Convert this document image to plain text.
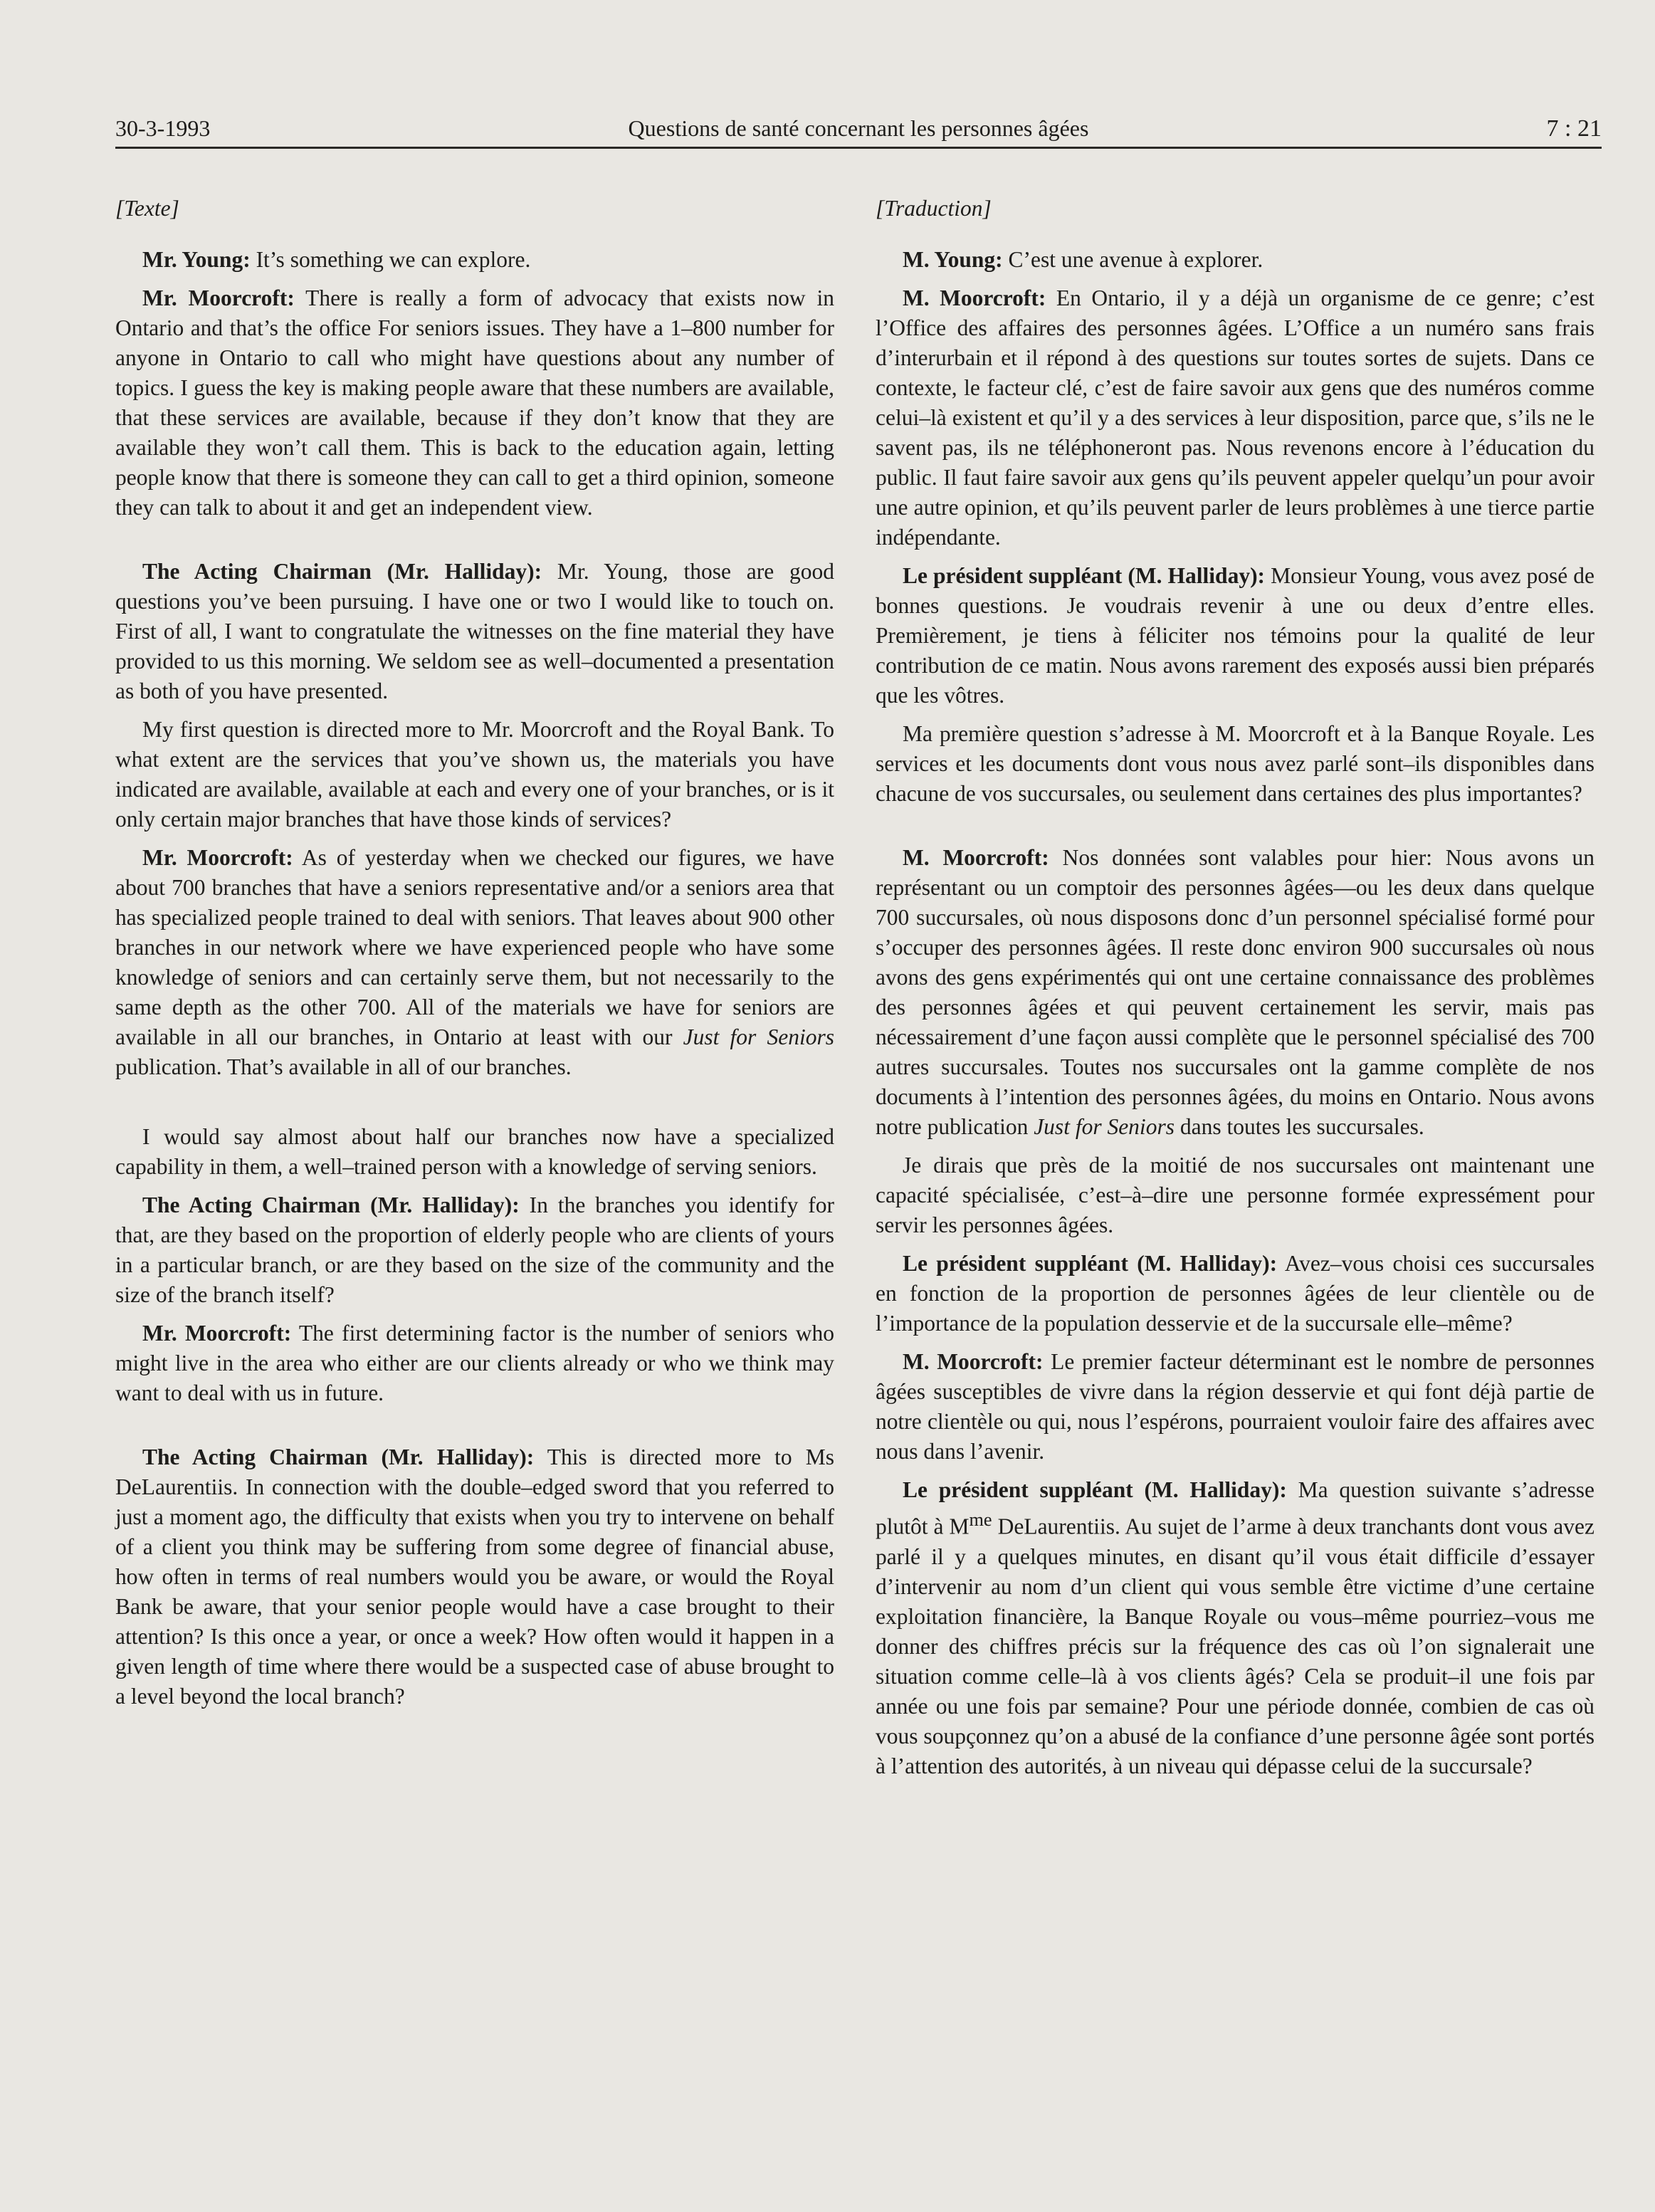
30-3-1993	Questions de santé concernant les personnes âgées	7 : 21
[Texte]

Mr. Young: It’s something we can explore.

Mr. Moorcroft: There is really a form of advocacy that exists now in Ontario and that’s the office For seniors issues. They have a 1–800 number for anyone in Ontario to call who might have questions about any number of topics. I guess the key is making people aware that these numbers are available, that these services are available, because if they don’t know that they are available they won’t call them. This is back to the education again, letting people know that there is someone they can call to get a third opinion, someone they can talk to about it and get an independent view.

The Acting Chairman (Mr. Halliday): Mr. Young, those are good questions you’ve been pursuing. I have one or two I would like to touch on. First of all, I want to congratulate the witnesses on the fine material they have provided to us this morning. We seldom see as well–documented a presentation as both of you have presented.

My first question is directed more to Mr. Moorcroft and the Royal Bank. To what extent are the services that you’ve shown us, the materials you have indicated are available, available at each and every one of your branches, or is it only certain major branches that have those kinds of services?

Mr. Moorcroft: As of yesterday when we checked our figures, we have about 700 branches that have a seniors representative and/or a seniors area that has specialized people trained to deal with seniors. That leaves about 900 other branches in our network where we have experienced people who have some knowledge of seniors and can certainly serve them, but not necessarily to the same depth as the other 700. All of the materials we have for seniors are available in all our branches, in Ontario at least with our Just for Seniors publication. That’s available in all of our branches.

I would say almost about half our branches now have a specialized capability in them, a well–trained person with a knowledge of serving seniors.

The Acting Chairman (Mr. Halliday): In the branches you identify for that, are they based on the proportion of elderly people who are clients of yours in a particular branch, or are they based on the size of the community and the size of the branch itself?

Mr. Moorcroft: The first determining factor is the number of seniors who might live in the area who either are our clients already or who we think may want to deal with us in future.

The Acting Chairman (Mr. Halliday): This is directed more to Ms DeLaurentiis. In connection with the double–edged sword that you referred to just a moment ago, the difficulty that exists when you try to intervene on behalf of a client you think may be suffering from some degree of financial abuse, how often in terms of real numbers would you be aware, or would the Royal Bank be aware, that your senior people would have a case brought to their attention? Is this once a year, or once a week? How often would it happen in a given length of time where there would be a suspected case of abuse brought to a level beyond the local branch?

[Traduction]

M. Young: C’est une avenue à explorer.

M. Moorcroft: En Ontario, il y a déjà un organisme de ce genre; c’est l’Office des affaires des personnes âgées. L’Office a un numéro sans frais d’interurbain et il répond à des questions sur toutes sortes de sujets. Dans ce contexte, le facteur clé, c’est de faire savoir aux gens que des numéros comme celui–là existent et qu’il y a des services à leur disposition, parce que, s’ils ne le savent pas, ils ne téléphoneront pas. Nous revenons encore à l’éducation du public. Il faut faire savoir aux gens qu’ils peuvent appeler quelqu’un pour avoir une autre opinion, et qu’ils peuvent parler de leurs problèmes à une tierce partie indépendante.

Le président suppléant (M. Halliday): Monsieur Young, vous avez posé de bonnes questions. Je voudrais revenir à une ou deux d’entre elles. Premièrement, je tiens à féliciter nos témoins pour la qualité de leur contribution de ce matin. Nous avons rarement des exposés aussi bien préparés que les vôtres.

Ma première question s’adresse à M. Moorcroft et à la Banque Royale. Les services et les documents dont vous nous avez parlé sont–ils disponibles dans chacune de vos succursales, ou seulement dans certaines des plus importantes?

M. Moorcroft: Nos données sont valables pour hier: Nous avons un représentant ou un comptoir des personnes âgées—ou les deux dans quelque 700 succursales, où nous disposons donc d’un personnel spécialisé formé pour s’occuper des personnes âgées. Il reste donc environ 900 succursales où nous avons des gens expérimentés qui ont une certaine connaissance des problèmes des personnes âgées et qui peuvent certainement les servir, mais pas nécessairement d’une façon aussi complète que le personnel spécialisé des 700 autres succursales. Toutes nos succursales ont la gamme complète de nos documents à l’intention des personnes âgées, du moins en Ontario. Nous avons notre publication Just for Seniors dans toutes les succursales.

Je dirais que près de la moitié de nos succursales ont maintenant une capacité spécialisée, c’est–à–dire une personne formée expressément pour servir les personnes âgées.

Le président suppléant (M. Halliday): Avez–vous choisi ces succursales en fonction de la proportion de personnes âgées de leur clientèle ou de l’importance de la population desservie et de la succursale elle–même?

M. Moorcroft: Le premier facteur déterminant est le nombre de personnes âgées susceptibles de vivre dans la région desservie et qui font déjà partie de notre clientèle ou qui, nous l’espérons, pourraient vouloir faire des affaires avec nous dans l’avenir.

Le président suppléant (M. Halliday): Ma question suivante s’adresse plutôt à $M^{me}$ DeLaurentiis. Au sujet de l’arme à deux tranchants dont vous avez parlé il y a quelques minutes, en disant qu’il vous était difficile d’essayer d’intervenir au nom d’un client qui vous semble être victime d’une certaine exploitation financière, la Banque Royale ou vous–même pourriez–vous me donner des chiffres précis sur la fréquence des cas où l’on signalerait une situation comme celle–là à vos clients âgés? Cela se produit–il une fois par année ou une fois par semaine? Pour une période donnée, combien de cas où vous soupçonnez qu’on a abusé de la confiance d’une personne âgée sont portés à l’attention des autorités, à un niveau qui dépasse celui de la succursale?
